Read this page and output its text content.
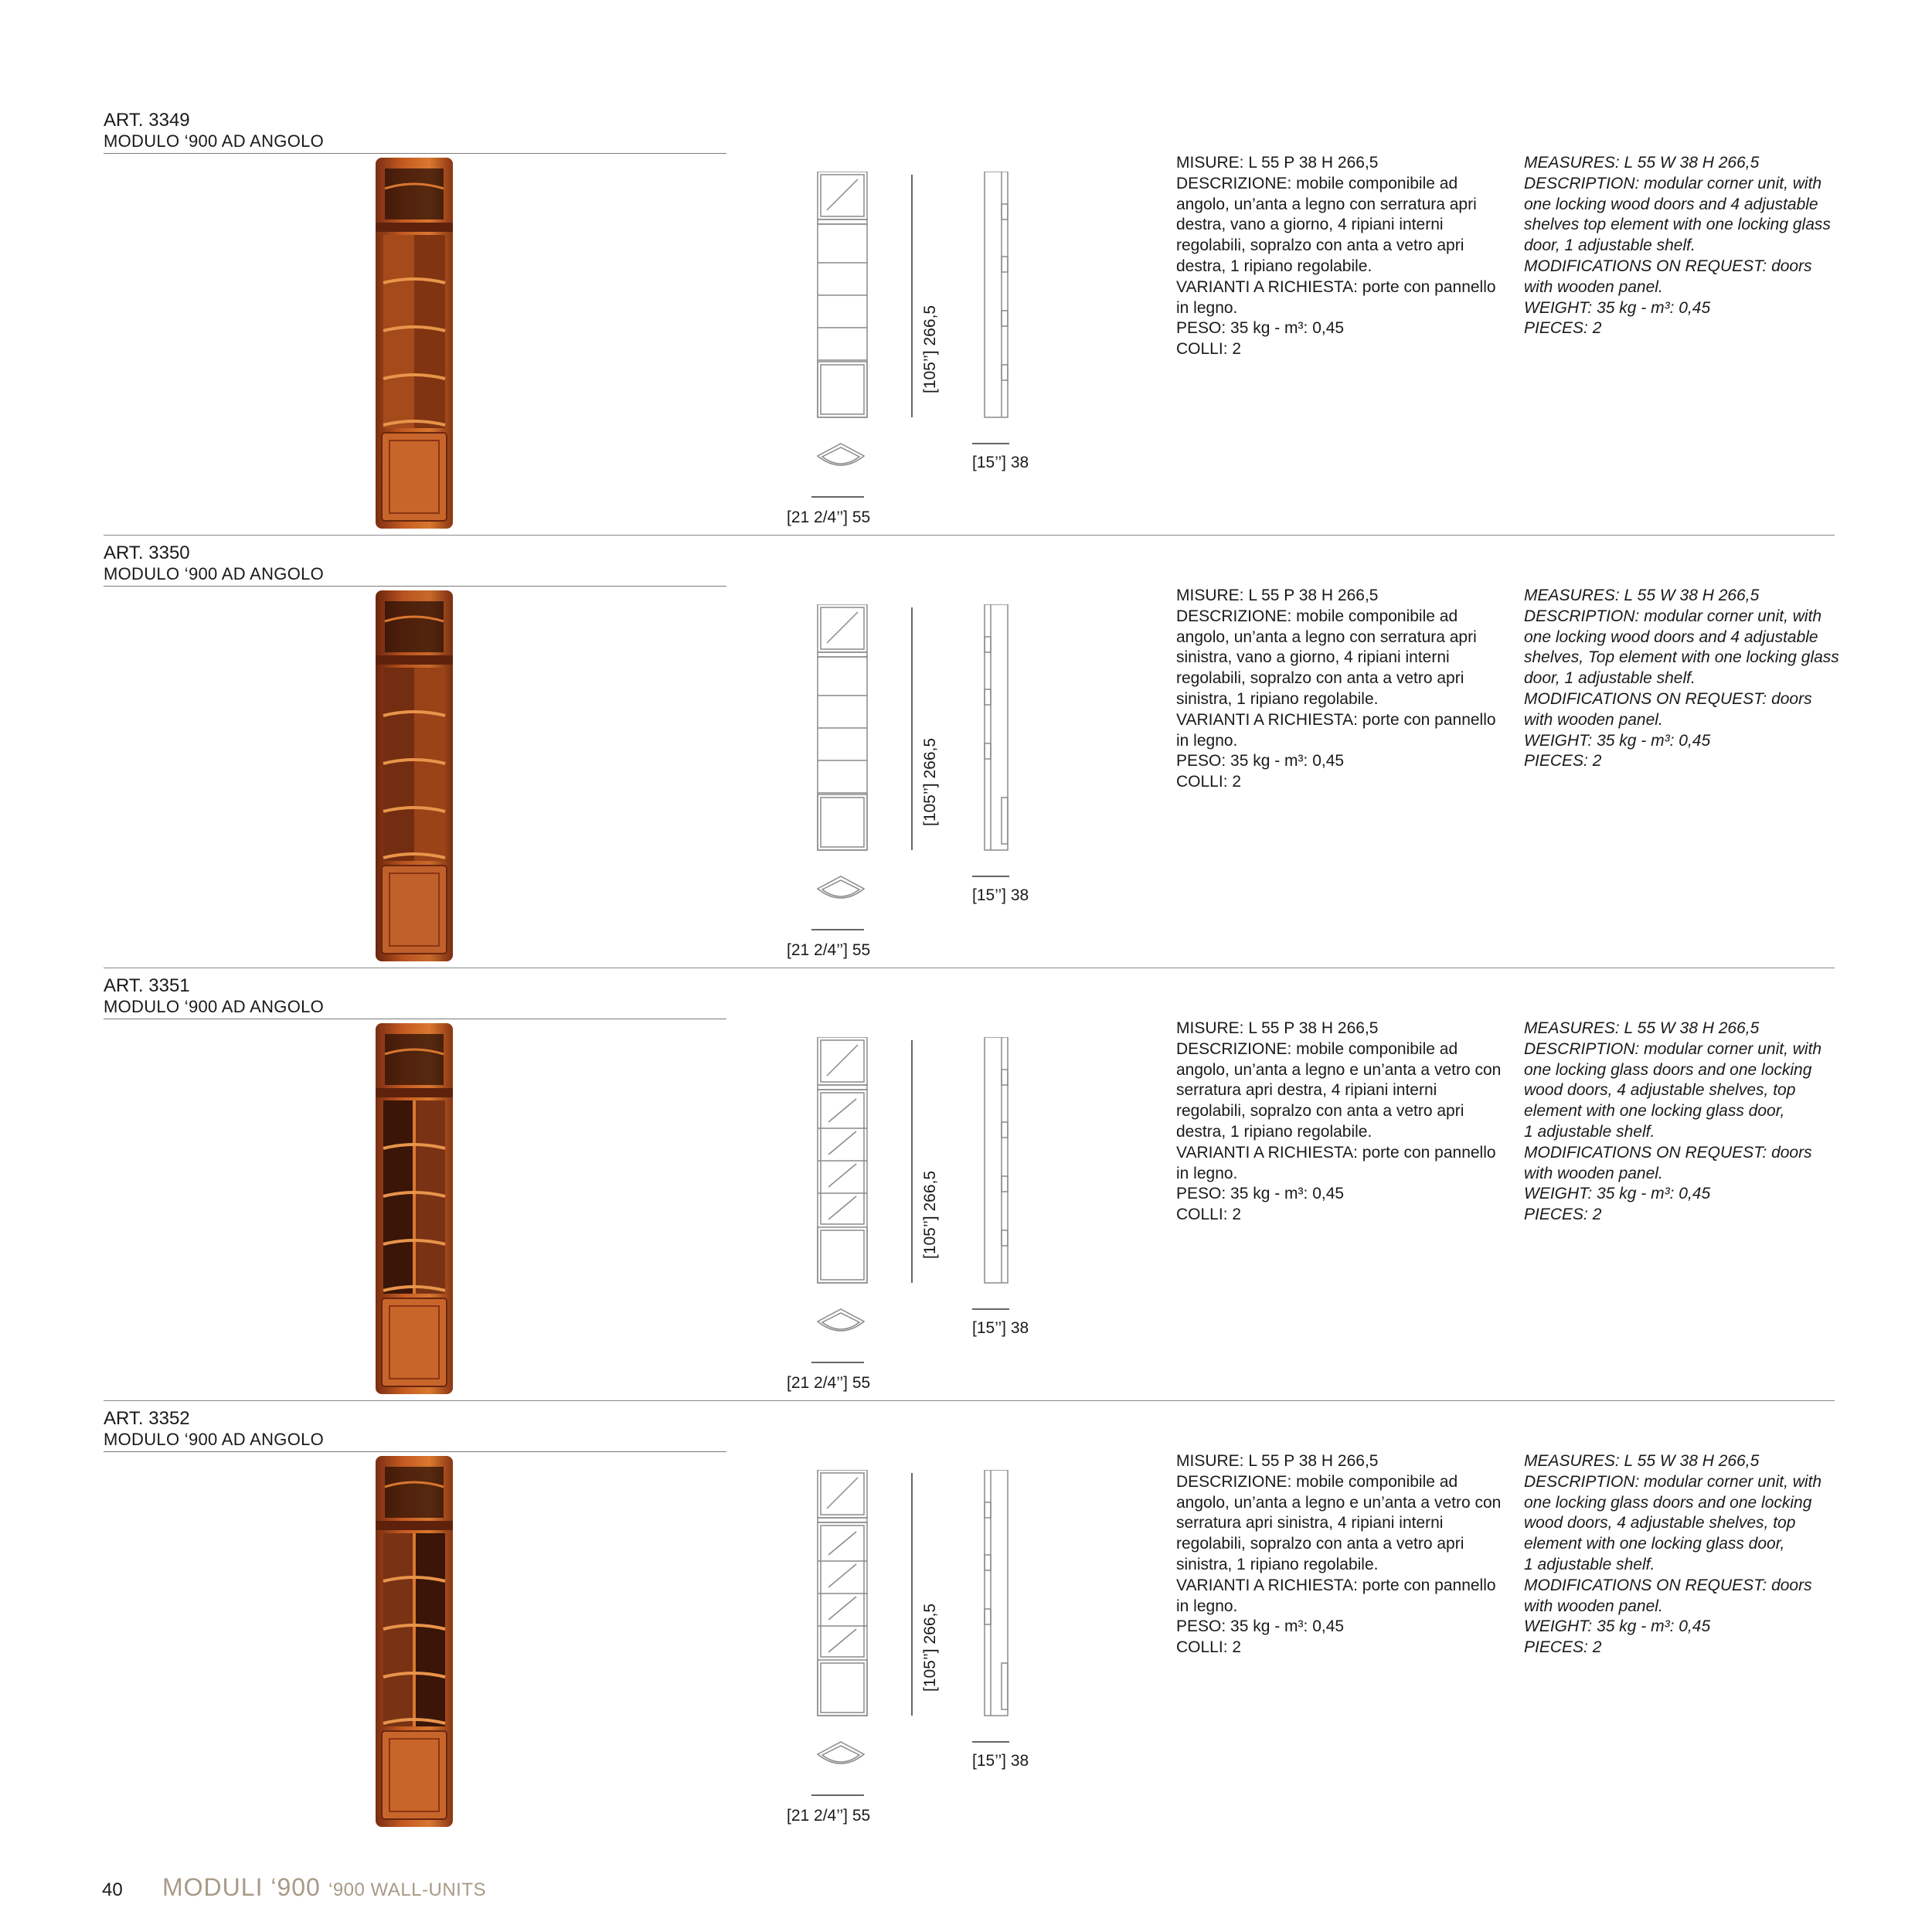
ART. 3349
MODULO ‘900 AD ANGOLO
[105’’] 266,5
[15’’] 38
[21 2/4’’] 55
MISURE: L 55 P 38 H 266,5
DESCRIZIONE: mobile componibile ad angolo, un’anta a legno con serratura apri destra, vano a giorno, 4 ripiani interni regolabili, sopralzo con anta a vetro apri destra, 1 ripiano regolabile.
VARIANTI A RICHIESTA: porte con pannello in legno.
PESO: 35 kg - m³: 0,45
COLLI: 2
MEASURES: L 55 W 38 H 266,5
DESCRIPTION: modular corner unit, with one locking wood doors and 4 adjustable shelves top element with one locking glass door, 1 adjustable shelf.
MODIFICATIONS ON REQUEST: doors with wooden panel.
WEIGHT: 35 kg - m³: 0,45
PIECES: 2
ART. 3350
MODULO ‘900 AD ANGOLO
[105’’] 266,5
[15’’] 38
[21 2/4’’] 55
MISURE: L 55 P 38 H 266,5
DESCRIZIONE: mobile componibile ad angolo, un’anta a legno con serratura apri sinistra, vano a giorno, 4 ripiani interni regolabili, sopralzo con anta a vetro apri sinistra, 1 ripiano regolabile.
VARIANTI A RICHIESTA: porte con pannello in legno.
PESO: 35 kg - m³: 0,45
COLLI: 2
MEASURES: L 55 W 38 H 266,5
DESCRIPTION: modular corner unit, with one locking wood doors and 4 adjustable shelves, Top element with one locking glass door, 1 adjustable shelf.
MODIFICATIONS ON REQUEST: doors with wooden panel.
WEIGHT: 35 kg - m³: 0,45
PIECES: 2
ART. 3351
MODULO ‘900 AD ANGOLO
[105’’] 266,5
[15’’] 38
[21 2/4’’] 55
MISURE: L 55 P 38 H 266,5
DESCRIZIONE: mobile componibile ad angolo, un’anta a legno e un’anta a vetro con serratura apri destra, 4 ripiani interni regolabili, sopralzo con anta a vetro apri destra, 1 ripiano regolabile.
VARIANTI A RICHIESTA: porte con pannello in legno.
PESO: 35 kg - m³: 0,45
COLLI: 2
MEASURES: L 55 W 38 H 266,5
DESCRIPTION: modular corner unit, with one locking glass doors and one locking wood doors, 4 adjustable shelves, top element with one locking glass door,
1 adjustable shelf.
MODIFICATIONS ON REQUEST: doors with wooden panel.
WEIGHT: 35 kg - m³: 0,45
PIECES: 2
ART. 3352
MODULO ‘900 AD ANGOLO
[105’’] 266,5
[15’’] 38
[21 2/4’’] 55
MISURE: L 55 P 38 H 266,5
DESCRIZIONE: mobile componibile ad angolo, un’anta a legno e un’anta a vetro con serratura apri sinistra, 4 ripiani interni regolabili, sopralzo con anta a vetro apri sinistra, 1 ripiano regolabile.
VARIANTI A RICHIESTA: porte con pannello in legno.
PESO: 35 kg - m³: 0,45
COLLI: 2
MEASURES: L 55 W 38 H 266,5
DESCRIPTION: modular corner unit, with one locking glass doors and one locking wood doors, 4 adjustable shelves, top element with one locking glass door,
1 adjustable shelf.
MODIFICATIONS ON REQUEST: doors with wooden panel.
WEIGHT: 35 kg - m³: 0,45
PIECES: 2
40 MODULI ‘900 ‘900 WALL-UNITS
